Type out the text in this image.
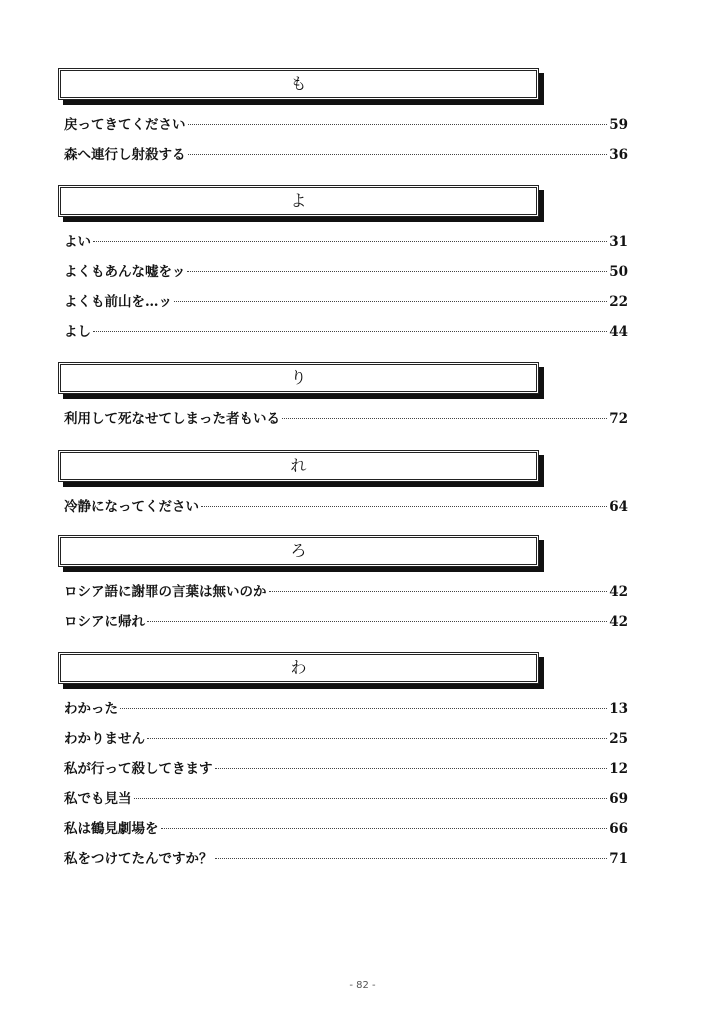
も
戻ってきてください	59
森へ連行し射殺する	36
よ
よい	31
よくもあんな嘘をッ	50
よくも前山を…ッ	22
よし	44
り
利用して死なせてしまった者もいる	72
れ
冷静になってください	64
ろ
ロシア語に謝罪の言葉は無いのか	42
ロシアに帰れ	42
わ
わかった	13
わかりません	25
私が行って殺してきます	12
私でも見当	69
私は鶴見劇場を	66
私をつけてたんですか？	71
- 82 -
